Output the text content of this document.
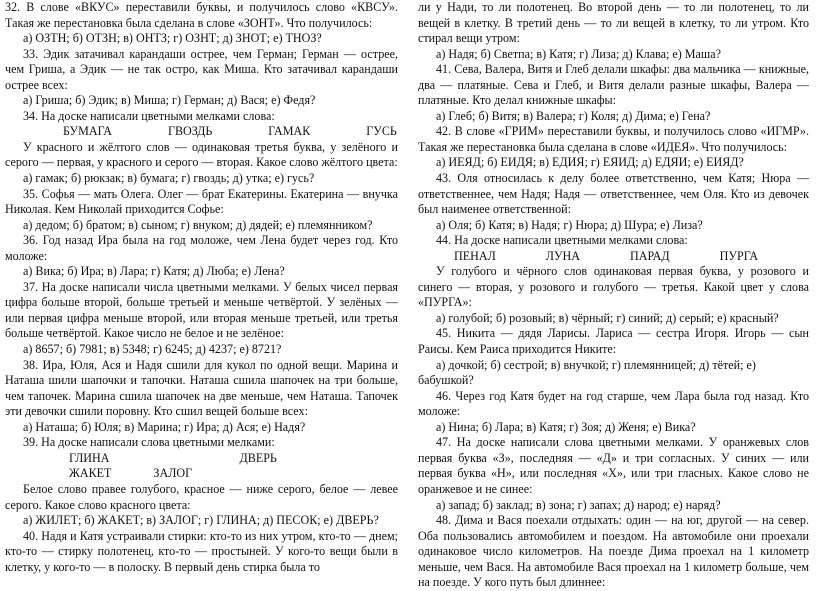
32. В слове «ВКУС» переставили буквы, и получилось слово «КВСУ». Такая же перестановка была сделана в слове «ЗОНТ». Что получилось:
а) ОЗТН; б) ОТЗН; в) ОНТЗ; г) ОЗНТ; д) ЗНОТ; е) ТНОЗ?
33. Эдик затачивал карандаши острее, чем Герман; Герман — острее, чем Гриша, а Эдик — не так остро, как Миша. Кто затачивал карандаши острее всех:
а) Гриша; б) Эдик; в) Миша; г) Герман; д) Вася; е) Федя?
34. На доске написали цветными мелками слова:
БУМАГА	ГВОЗДЬ	ГАМАК	ГУСЬ
У красного и жёлтого слов — одинаковая третья буква, у зелёного и серого — первая, у красного и серого — вторая. Какое слово жёлтого цвета:
а) гамак; б) рюкзак; в) бумага; г) гвоздь; д) утка; е) гусь?
35. Софья — мать Олега. Олег — брат Екатерины. Екатерина — внучка Николая. Кем Николай приходится Софье:
а) дедом; б) братом; в) сыном; г) внуком; д) дядей; е) племянником?
36. Год назад Ира была на год моложе, чем Лена будет через год. Кто моложе:
а) Вика; б) Ира; в) Лара; г) Катя; д) Люба; е) Лена?
37. На доске написали числа цветными мелками. У белых чисел первая цифра больше второй, больше третьей и меньше четвёртой. У зелёных — или первая цифра меньше второй, или вторая меньше третьей, или третья больше четвёртой. Какое число не белое и не зелёное:
а) 8657; б) 7981; в) 5348; г) 6245; д) 4237; е) 8721?
38. Ира, Юля, Ася и Надя сшили для кукол по одной вещи. Марина и Наташа шили шапочки и тапочки. Наташа сшила шапочек на три больше, чем тапочек. Марина сшила шапочек на две меньше, чем Наташа. Тапочек эти девочки сшили поровну. Кто сшил вещей больше всех:
а) Наташа; б) Юля; в) Марина; г) Ира; д) Ася; е) Надя?
39. На доске написали слова цветными мелками:
ГЛИНА	ДВЕРЬ
ЖАКЕТ	ЗАЛОГ
Белое слово правее голубого, красное — ниже серого, белое — левее серого. Какое слово красного цвета:
а) ЖИЛЕТ; б) ЖАКЕТ; в) ЗАЛОГ; г) ГЛИНА; д) ПЕСОК; е) ДВЕРЬ?
40. Надя и Катя устраивали стирки: кто-то из них утром, кто-то — днем; кто-то — стирку полотенец, кто-то — простыней. У кого-то вещи были в клетку, у кого-то — в полоску. В первый день стирка была то
ли у Нади, то ли полотенец. Во второй день — то ли полотенец, то ли вещей в клетку. В третий день — то ли вещей в клетку, то ли утром. Кто стирал вещи утром:
а) Надя; б) Светпа; в) Катя; г) Лиза; д) Клава; е) Маша?
41. Сева, Валера, Витя и Глеб делали шкафы: два мальчика — книжные, два — платяные. Сева и Глеб, и Витя делали разные шкафы, Валера — платяные. Кто делал книжные шкафы:
а) Глеб; б) Витя; в) Валера; г) Коля; д) Дима; е) Гена?
42. В слове «ГРИМ» переставили буквы, и получилось слово «ИГМР». Такая же перестановка была сделана в слове «ИДЕЯ». Что получилось:
а) ИЕЯД; б) ЕИДЯ; в) ЕДИЯ; г) ЕЯИД; д) ЕДЯИ; е) ЕИЯД?
43. Оля относилась к делу более ответственно, чем Катя; Нюра — ответственнее, чем Надя; Надя — ответственнее, чем Оля. Кто из девочек был наименее ответственной:
а) Оля; б) Катя; в) Надя; г) Нюра; д) Шура; е) Лиза?
44. На доске написали цветными мелками слова:
ПЕНАЛ	ЛУНА	ПАРАД	ПУРГА
У голубого и чёрного слов одинаковая первая буква, у розового и синего — вторая, у розового и голубого — третья. Какой цвет у слова «ПУРГА»:
а) голубой; б) розовый; в) чёрный; г) синий; д) серый; е) красный?
45. Никита — дядя Ларисы. Лариса — сестра Игоря. Игорь — сын Раисы. Кем Раиса приходится Никите:
а) дочкой; б) сестрой; в) внучкой; г) племянницей; д) тётей; е) бабушкой?
46. Через год Катя будет на год старше, чем Лара была год назад. Кто моложе:
а) Нина; б) Лара; в) Катя; г) Зоя; д) Женя; е) Вика?
47. На доске написали слова цветными мелками. У оранжевых слов первая буква «З», последняя — «Д» и три согласных. У синих — или первая буква «Н», или последняя «Х», или три гласных. Какое слово не оранжевое и не синее:
а) запад; б) заклад; в) зона; г) запах; д) народ; е) наряд?
48. Дима и Вася поехали отдыхать: один — на юг, другой — на север. Оба пользовались автомобилем и поездом. На автомобиле они проехали одинаковое число километров. На поезде Дима проехал на 1 километр меньше, чем Вася. На автомобиле Вася проехал на 1 километр больше, чем на поезде. У кого путь был длиннее:
